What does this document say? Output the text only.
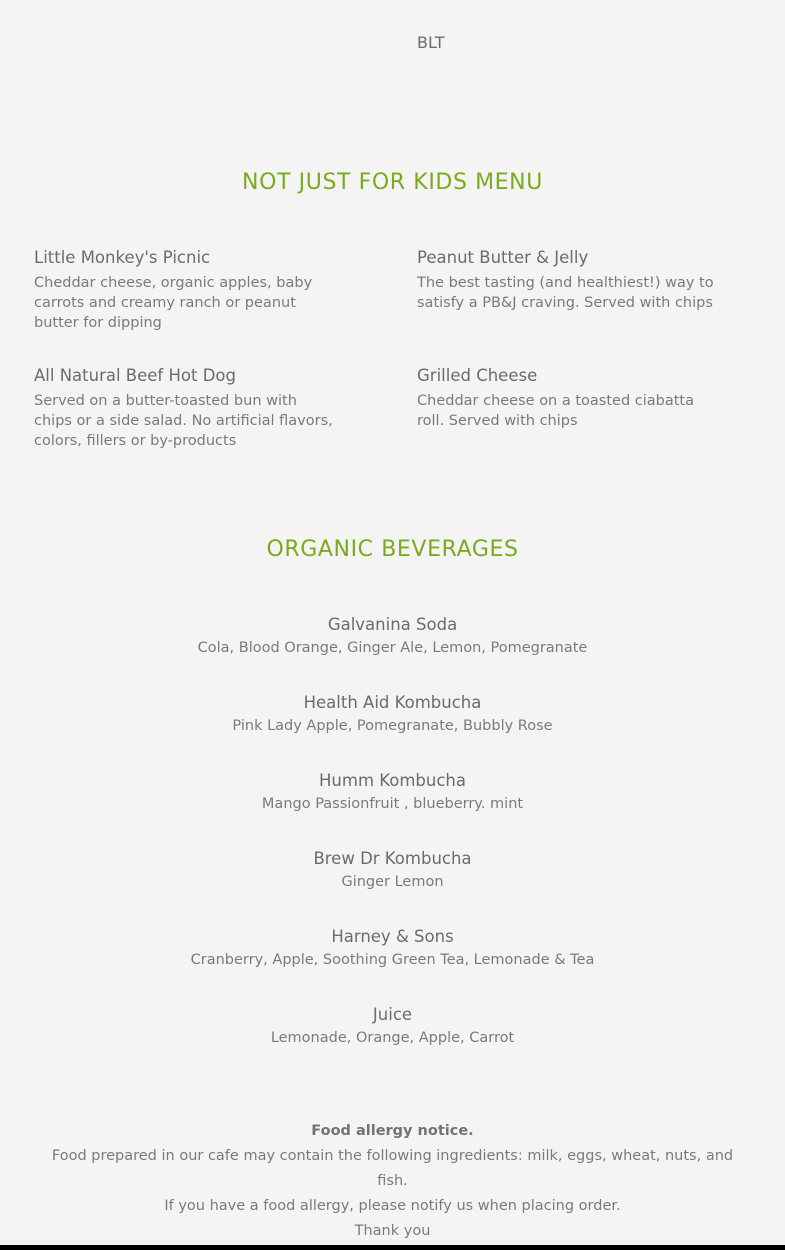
BLT
NOT JUST FOR KIDS MENU
Little Monkey's Picnic
Cheddar cheese, organic apples, baby carrots and creamy ranch or peanut butter for dipping
Peanut Butter & Jelly
The best tasting (and healthiest!) way to satisfy a PB&J craving. Served with chips
All Natural Beef Hot Dog
Served on a butter-toasted bun with chips or a side salad. No artificial flavors, colors, fillers or by-products
Grilled Cheese
Cheddar cheese on a toasted ciabatta roll. Served with chips
ORGANIC BEVERAGES
Galvanina Soda
Cola, Blood Orange, Ginger Ale, Lemon, Pomegranate
Health Aid Kombucha
Pink Lady Apple, Pomegranate, Bubbly Rose
Humm Kombucha
Mango Passionfruit , blueberry. mint
Brew Dr Kombucha
Ginger Lemon
Harney & Sons
Cranberry, Apple, Soothing Green Tea, Lemonade & Tea
Juice
Lemonade, Orange, Apple, Carrot
Food allergy notice.
Food prepared in our cafe may contain the following ingredients: milk, eggs, wheat, nuts, and fish.
If you have a food allergy, please notify us when placing order.
Thank you
